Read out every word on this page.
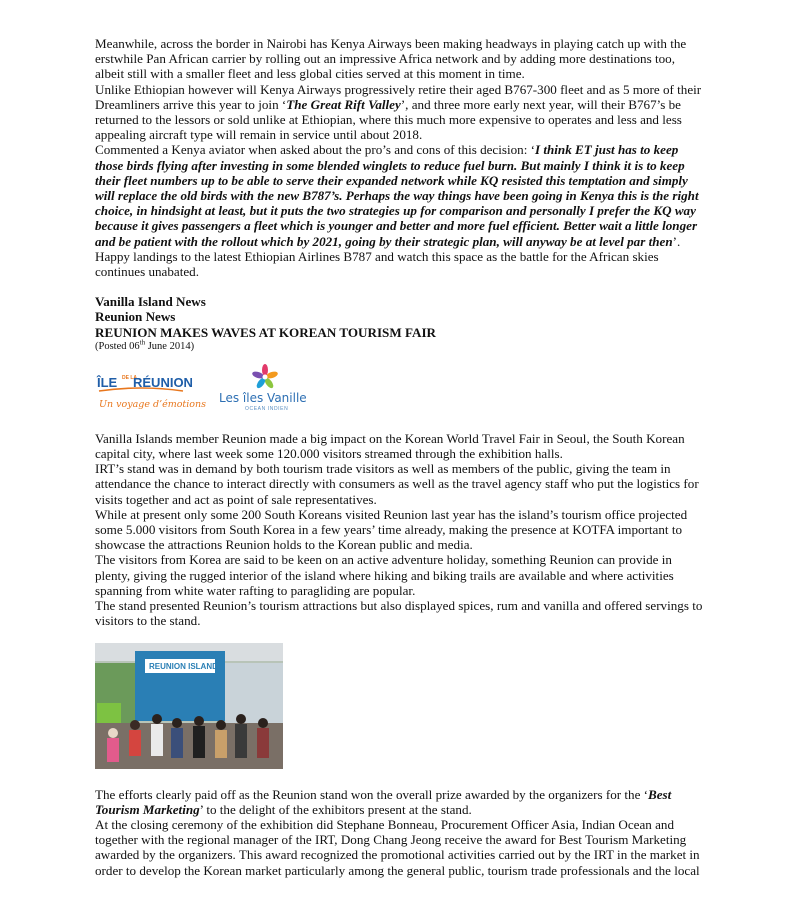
Meanwhile, across the border in Nairobi has Kenya Airways been making headways in playing catch up with the erstwhile Pan African carrier by rolling out an impressive Africa network and by adding more destinations too, albeit still with a smaller fleet and less global cities served at this moment in time.

Unlike Ethiopian however will Kenya Airways progressively retire their aged B767-300 fleet and as 5 more of their Dreamliners arrive this year to join ‘The Great Rift Valley’, and three more early next year, will their B767’s be returned to the lessors or sold unlike at Ethiopian, where this much more expensive to operates and less and less appealing aircraft type will remain in service until about 2018.

Commented a Kenya aviator when asked about the pro’s and cons of this decision: ‘I think ET just has to keep those birds flying after investing in some blended winglets to reduce fuel burn. But mainly I think it is to keep their fleet numbers up to be able to serve their expanded network while KQ resisted this temptation and simply will replace the old birds with the new B787’s. Perhaps the way things have been going in Kenya this is the right choice, in hindsight at least, but it puts the two strategies up for comparison and personally I prefer the KQ way because it gives passengers a fleet which is younger and better and more fuel efficient. Better wait a little longer and be patient with the rollout which by 2021, going by their strategic plan, will anyway be at level par then’.

Happy landings to the latest Ethiopian Airlines B787 and watch this space as the battle for the African skies continues unabated.

Vanilla Island News

Reunion News

REUNION MAKES WAVES AT KOREAN TOURISM FAIR

(Posted 06th June 2014)

ÎLE DE LA
RÉUNION
Un voyage d’émotions Les îles Vanille
OCEAN INDIEN

Vanilla Islands member Reunion made a big impact on the Korean World Travel Fair in Seoul, the South Korean capital city, where last week some 120.000 visitors streamed through the exhibition halls.

IRT’s stand was in demand by both tourism trade visitors as well as members of the public, giving the team in attendance the chance to interact directly with consumers as well as the travel agency staff who put the logistics for visits together and act as point of sale representatives.

While at present only some 200 South Koreans visited Reunion last year has the island’s tourism office projected some 5.000 visitors from South Korea in a few years’ time already, making the presence at KOTFA important to showcase the attractions Reunion holds to the Korean public and media.

The visitors from Korea are said to be keen on an active adventure holiday, something Reunion can provide in plenty, giving the rugged interior of the island where hiking and biking trails are available and where activities spanning from white water rafting to paragliding are popular.

The stand presented Reunion’s tourism attractions but also displayed spices, rum and vanilla and offered servings to visitors to the stand.

REUNION ISLAND

The efforts clearly paid off as the Reunion stand won the overall prize awarded by the organizers for the ‘Best Tourism Marketing’ to the delight of the exhibitors present at the stand.

At the closing ceremony of the exhibition did Stephane Bonneau, Procurement Officer Asia, Indian Ocean and together with the regional manager of the IRT, Dong Chang Jeong receive the award for Best Tourism Marketing awarded by the organizers. This award recognized the promotional activities carried out by the IRT in the market in order to develop the Korean market particularly among the general public, tourism trade professionals and the local
